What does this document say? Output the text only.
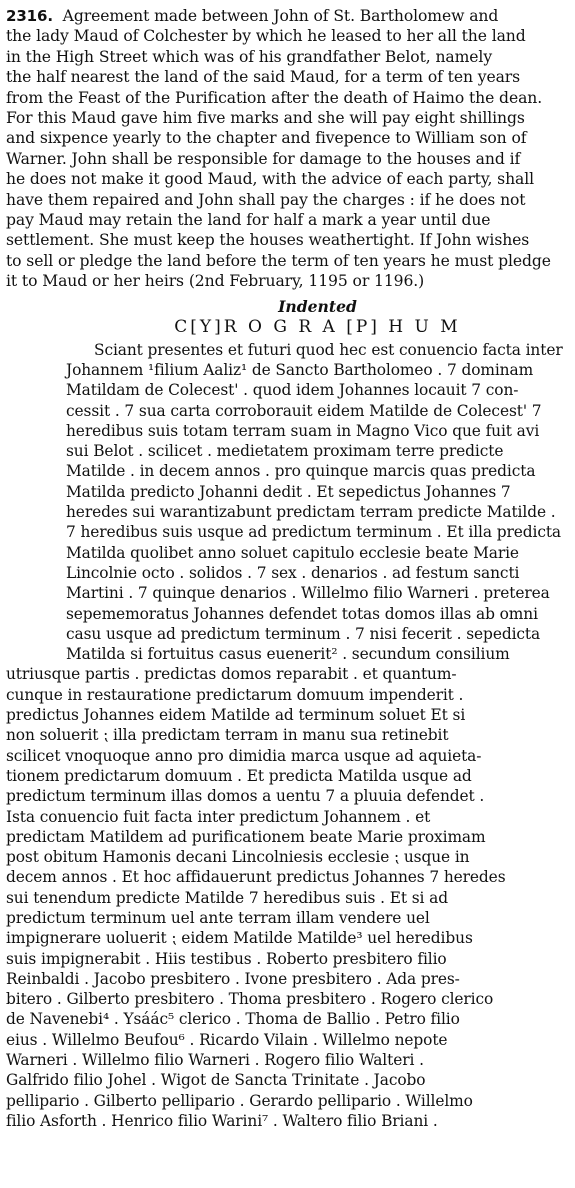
2316. Agreement made between John of St. Bartholomew and
the lady Maud of Colchester by which he leased to her all the land
in the High Street which was of his grandfather Belot, namely
the half nearest the land of the said Maud, for a term of ten years
from the Feast of the Purification after the death of Haimo the dean.
For this Maud gave him five marks and she will pay eight shillings
and sixpence yearly to the chapter and fivepence to William son of
Warner. John shall be responsible for damage to the houses and if
he does not make it good Maud, with the advice of each party, shall
have them repaired and John shall pay the charges : if he does not
pay Maud may retain the land for half a mark a year until due
settlement. She must keep the houses weathertight. If John wishes
to sell or pledge the land before the term of ten years he must pledge
it to Maud or her heirs (2nd February, 1195 or 1196.)
Indented
C[Y]R O G R A [P] H U M
Sciant presentes et futuri quod hec est conuencio facta inter
Johannem ¹filium Aaliz¹ de Sancto Bartholomeo . 7 dominam
Matildam de Colecest' . quod idem Johannes locauit 7 con-
cessit . 7 sua carta corroborauit eidem Matilde de Colecest' 7
heredibus suis totam terram suam in Magno Vico que fuit avi
sui Belot . scilicet . medietatem proximam terre predicte
Matilde . in decem annos . pro quinque marcis quas predicta
Matilda predicto Johanni dedit . Et sepedictus Johannes 7
heredes sui warantizabunt predictam terram predicte Matilde .
7 heredibus suis usque ad predictum terminum . Et illa predicta
Matilda quolibet anno soluet capitulo ecclesie beate Marie
Lincolnie octo . solidos . 7 sex . denarios . ad festum sancti
Martini . 7 quinque denarios . Willelmo filio Warneri . preterea
sepememoratus Johannes defendet totas domos illas ab omni
casu usque ad predictum terminum . 7 nisi fecerit . sepedicta
Matilda si fortuitus casus euenerit² . secundum consilium
utriusque partis . predictas domos reparabit . et quantum-
cunque in restauratione predictarum domuum impenderit .
predictus Johannes eidem Matilde ad terminum soluet Et si
non soluerit ⁏ illa predictam terram in manu sua retinebit
scilicet vnoquoque anno pro dimidia marca usque ad aquieta-
tionem predictarum domuum . Et predicta Matilda usque ad
predictum terminum illas domos a uentu 7 a pluuia defendet .
Ista conuencio fuit facta inter predictum Johannem . et
predictam Matildem ad purificationem beate Marie proximam
post obitum Hamonis decani Lincolniesis ecclesie ⁏ usque in
decem annos . Et hoc affidauerunt predictus Johannes 7 heredes
sui tenendum predicte Matilde 7 heredibus suis . Et si ad
predictum terminum uel ante terram illam vendere uel
impignerare uoluerit ⁏ eidem Matilde Matilde³ uel heredibus
suis impignerabit . Hiis testibus . Roberto presbitero filio
Reinbaldi . Jacobo presbitero . Ivone presbitero . Ada pres-
bitero . Gilberto presbitero . Thoma presbitero . Rogero clerico
de Navenebi⁴ . Ysáác⁵ clerico . Thoma de Ballio . Petro filio
eius . Willelmo Beufou⁶ . Ricardo Vilain . Willelmo nepote
Warneri . Willelmo filio Warneri . Rogero filio Walteri .
Galfrido filio Johel . Wigot de Sancta Trinitate . Jacobo
pellipario . Gilberto pellipario . Gerardo pellipario . Willelmo
filio Asforth . Henrico filio Warini⁷ . Waltero filio Briani .
